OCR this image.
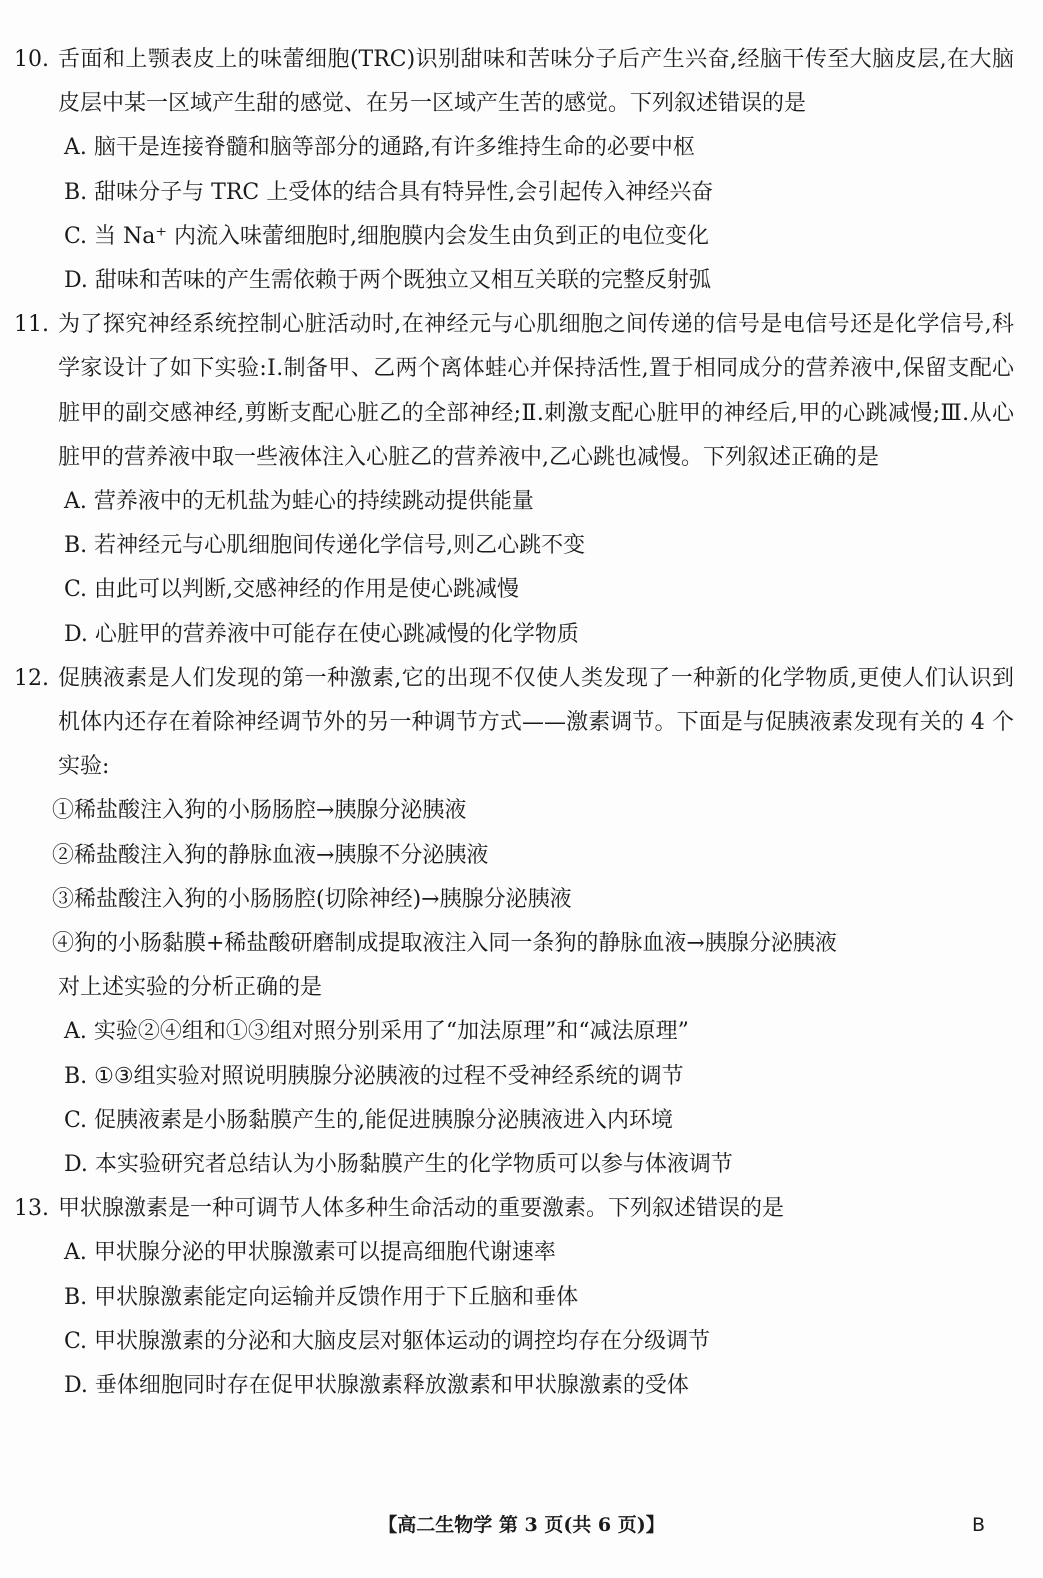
10. 舌面和上颚表皮上的味蕾细胞(TRC)识别甜味和苦味分子后产生兴奋,经脑干传至大脑皮层,在大脑皮层中某一区域产生甜的感觉、在另一区域产生苦的感觉。下列叙述错误的是

A. 脑干是连接脊髓和脑等部分的通路,有许多维持生命的必要中枢

B. 甜味分子与 TRC 上受体的结合具有特异性,会引起传入神经兴奋

C. 当 Na⁺ 内流入味蕾细胞时,细胞膜内会发生由负到正的电位变化

D. 甜味和苦味的产生需依赖于两个既独立又相互关联的完整反射弧

11. 为了探究神经系统控制心脏活动时,在神经元与心肌细胞之间传递的信号是电信号还是化学信号,科学家设计了如下实验:Ⅰ.制备甲、乙两个离体蛙心并保持活性,置于相同成分的营养液中,保留支配心脏甲的副交感神经,剪断支配心脏乙的全部神经;Ⅱ.刺激支配心脏甲的神经后,甲的心跳减慢;Ⅲ.从心脏甲的营养液中取一些液体注入心脏乙的营养液中,乙心跳也减慢。下列叙述正确的是

A. 营养液中的无机盐为蛙心的持续跳动提供能量

B. 若神经元与心肌细胞间传递化学信号,则乙心跳不变

C. 由此可以判断,交感神经的作用是使心跳减慢

D. 心脏甲的营养液中可能存在使心跳减慢的化学物质

12. 促胰液素是人们发现的第一种激素,它的出现不仅使人类发现了一种新的化学物质,更使人们认识到机体内还存在着除神经调节外的另一种调节方式——激素调节。下面是与促胰液素发现有关的 4 个实验:

①稀盐酸注入狗的小肠肠腔→胰腺分泌胰液

②稀盐酸注入狗的静脉血液→胰腺不分泌胰液

③稀盐酸注入狗的小肠肠腔(切除神经)→胰腺分泌胰液

④狗的小肠黏膜+稀盐酸研磨制成提取液注入同一条狗的静脉血液→胰腺分泌胰液

对上述实验的分析正确的是

A. 实验②④组和①③组对照分别采用了“加法原理”和“减法原理”

B. ①③组实验对照说明胰腺分泌胰液的过程不受神经系统的调节

C. 促胰液素是小肠黏膜产生的,能促进胰腺分泌胰液进入内环境

D. 本实验研究者总结认为小肠黏膜产生的化学物质可以参与体液调节

13. 甲状腺激素是一种可调节人体多种生命活动的重要激素。下列叙述错误的是

A. 甲状腺分泌的甲状腺激素可以提高细胞代谢速率

B. 甲状腺激素能定向运输并反馈作用于下丘脑和垂体

C. 甲状腺激素的分泌和大脑皮层对躯体运动的调控均存在分级调节

D. 垂体细胞同时存在促甲状腺激素释放激素和甲状腺激素的受体

【高二生物学 第 3 页(共 6 页)】	B
